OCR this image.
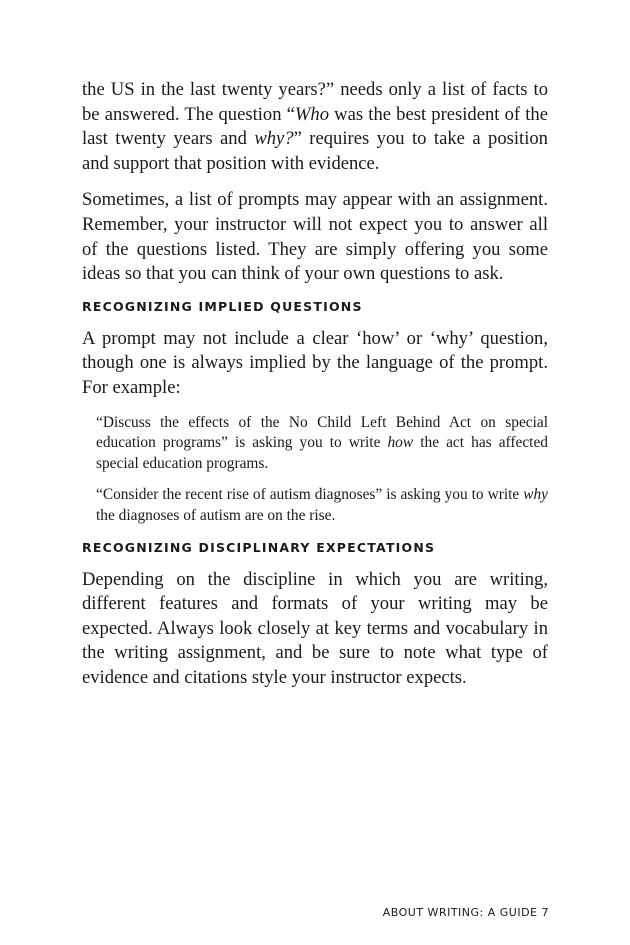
the US in the last twenty years?” needs only a list of facts to be answered. The question “Who was the best president of the last twenty years and why?” requires you to take a position and support that position with evidence.

Sometimes, a list of prompts may appear with an assignment. Remember, your instructor will not expect you to answer all of the questions listed. They are simply offering you some ideas so that you can think of your own questions to ask.

RECOGNIZING IMPLIED QUESTIONS

A prompt may not include a clear ‘how’ or ‘why’ question, though one is always implied by the language of the prompt. For example:

“Discuss the effects of the No Child Left Behind Act on special education programs” is asking you to write how the act has affected special education programs.

“Consider the recent rise of autism diagnoses” is asking you to write why the diagnoses of autism are on the rise.

RECOGNIZING DISCIPLINARY EXPECTATIONS

Depending on the discipline in which you are writing, different features and formats of your writing may be expected. Always look closely at key terms and vocabulary in the writing assignment, and be sure to note what type of evidence and citations style your instructor expects.

ABOUT WRITING: A GUIDE 7
